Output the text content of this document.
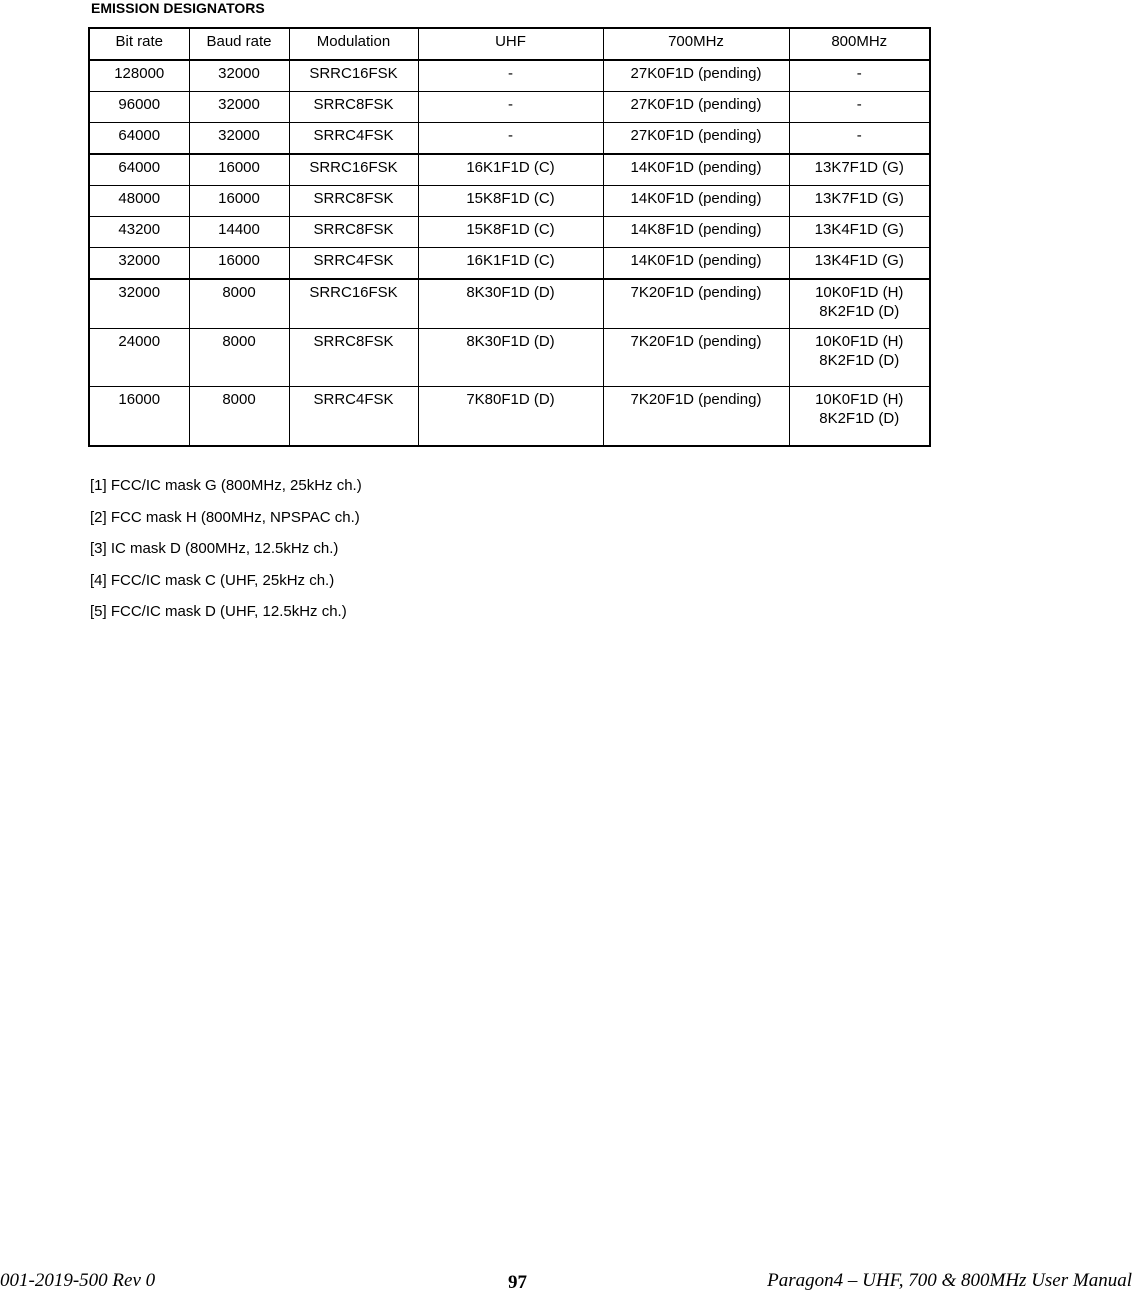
EMISSION DESIGNATORS
Bit rate	Baud rate	Modulation	UHF	700MHz	800MHz
128000	32000	SRRC16FSK	-	27K0F1D (pending)	-
96000	32000	SRRC8FSK	-	27K0F1D (pending)	-
64000	32000	SRRC4FSK	-	27K0F1D (pending)	-
64000	16000	SRRC16FSK	16K1F1D (C)	14K0F1D (pending)	13K7F1D (G)
48000	16000	SRRC8FSK	15K8F1D (C)	14K0F1D (pending)	13K7F1D (G)
43200	14400	SRRC8FSK	15K8F1D (C)	14K8F1D (pending)	13K4F1D (G)
32000	16000	SRRC4FSK	16K1F1D (C)	14K0F1D (pending)	13K4F1D (G)
32000	8000	SRRC16FSK	8K30F1D (D)	7K20F1D (pending)	10K0F1D (H)
8K2F1D (D)

24000	8000	SRRC8FSK	8K30F1D (D)	7K20F1D (pending)	10K0F1D (H)
8K2F1D (D)

16000	8000	SRRC4FSK	7K80F1D (D)	7K20F1D (pending)	10K0F1D (H)
8K2F1D (D)
[1] FCC/IC mask G (800MHz, 25kHz ch.)
[2] FCC mask H (800MHz, NPSPAC ch.)
[3] IC mask D (800MHz, 12.5kHz ch.)
[4] FCC/IC mask C (UHF, 25kHz ch.)
[5] FCC/IC mask D (UHF, 12.5kHz ch.)
001-2019-500 Rev 0	97	Paragon4 – UHF, 700 & 800MHz User Manual
